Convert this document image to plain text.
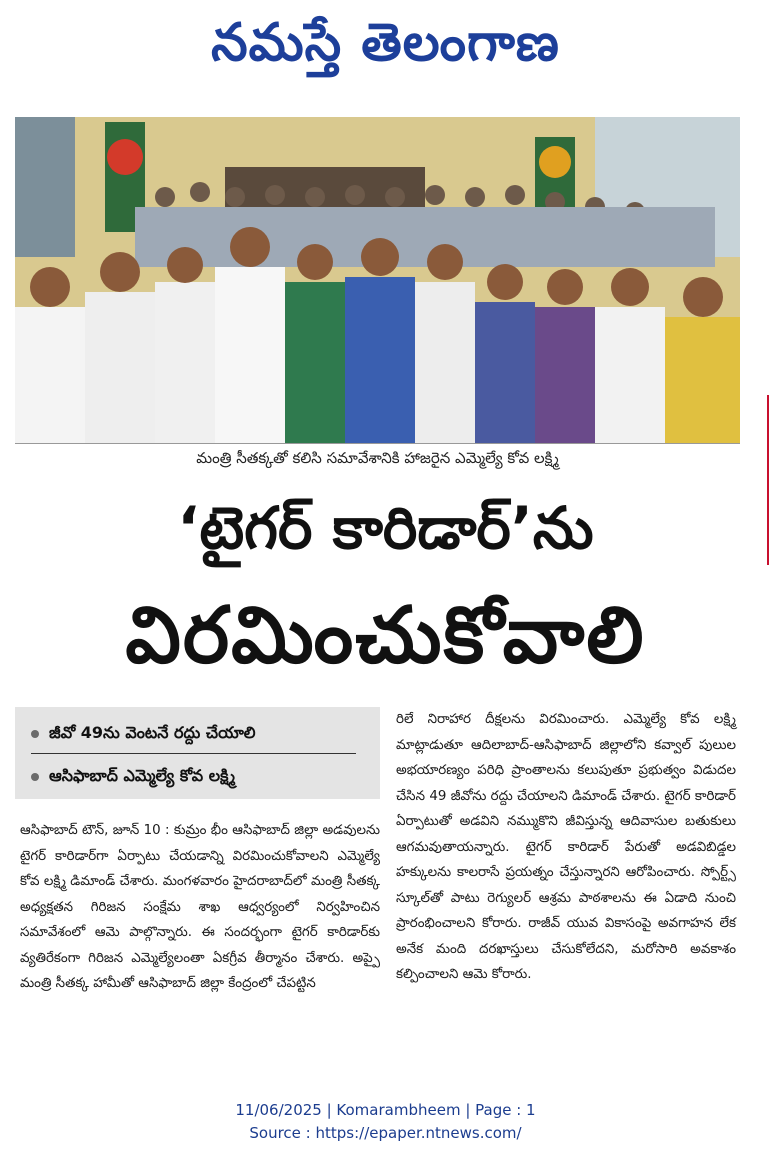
నమస్తే తెలంగాణ
మంత్రి సీతక్కతో కలిసి సమావేశానికి హాజరైన ఎమ్మెల్యే కోవ లక్ష్మి
‘టైగర్ కారిడార్’ను
విరమించుకోవాలి
జీవో 49ను వెంటనే రద్దు చేయాలి
ఆసిఫాబాద్ ఎమ్మెల్యే కోవ లక్ష్మి

ఆసిఫాబాద్ టౌన్, జూన్ 10 : కుమ్రం భీం ఆసిఫాబాద్ జిల్లా అడవులను టైగర్ కారిడార్‌గా ఏర్పాటు చేయడాన్ని విరమించుకోవాలని ఎమ్మెల్యే కోవ లక్ష్మి డిమాండ్ చేశారు. మంగళవారం హైదరాబాద్‌లో మంత్రి సీతక్క అధ్యక్షతన గిరిజన సంక్షేమ శాఖ ఆధ్వర్యంలో నిర్వహించిన సమావేశంలో ఆమె పాల్గొన్నారు. ఈ సందర్భంగా టైగర్ కారిడార్‌కు వ్యతిరేకంగా గిరిజన ఎమ్మెల్యేలంతా ఏకగ్రీవ తీర్మానం చేశారు. అప్పై మంత్రి సీతక్క హామీతో ఆసిఫాబాద్ జిల్లా కేంద్రంలో చేపట్టిన

రిలే నిరాహార దీక్షలను విరమించారు. ఎమ్మెల్యే కోవ లక్ష్మి మాట్లాడుతూ ఆదిలాబాద్-ఆసిఫాబాద్ జిల్లాలోని కవ్వాల్ పులుల అభయారణ్యం పరిధి ప్రాంతాలను కలుపుతూ ప్రభుత్వం విడుదల చేసిన 49 జీవోను రద్దు చేయాలని డిమాండ్ చేశారు. టైగర్ కారిడార్ ఏర్పాటుతో అడవిని నమ్ముకొని జీవిస్తున్న ఆదివాసుల బతుకులు ఆగమవుతాయన్నారు. టైగర్ కారిడార్ పేరుతో అడవిబిడ్డల హక్కులను కాలరాసే ప్రయత్నం చేస్తున్నారని ఆరోపించారు. స్పోర్ట్స్ స్కూల్‌తో పాటు రెగ్యులర్ ఆశ్రమ పాఠశాలను ఈ ఏడాది నుంచి ప్రారంభించాలని కోరారు. రాజీవ్ యువ వికాసంపై అవగాహన లేక అనేక మంది దరఖాస్తులు చేసుకోలేదని, మరోసారి అవకాశం కల్పించాలని ఆమె కోరారు.

11/06/2025 | Komarambheem | Page : 1
Source : https://epaper.ntnews.com/
